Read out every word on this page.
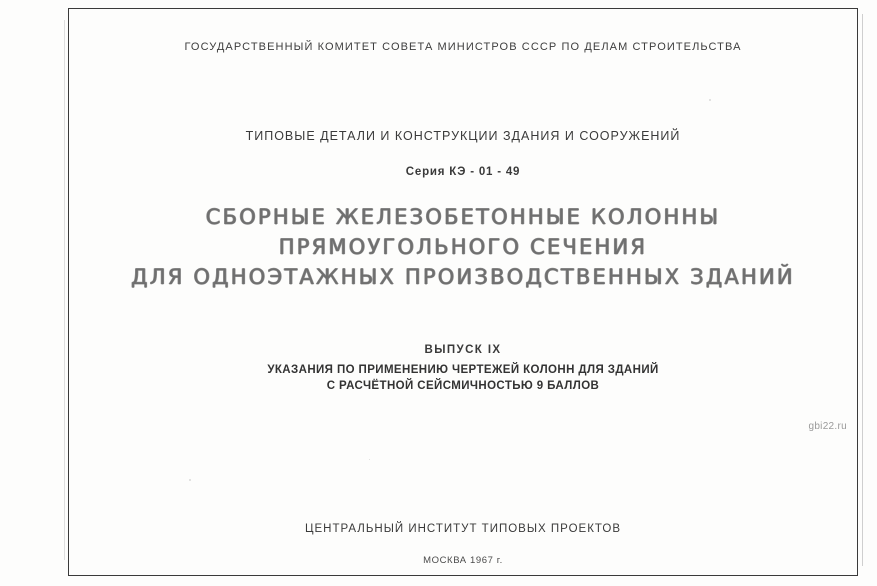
ГОСУДАРСТВЕННЫЙ КОМИТЕТ СОВЕТА МИНИСТРОВ СССР ПО ДЕЛАМ СТРОИТЕЛЬСТВА
ТИПОВЫЕ ДЕТАЛИ И КОНСТРУКЦИИ ЗДАНИЯ И СООРУЖЕНИЙ
Серия КЭ - 01 - 49
СБОРНЫЕ ЖЕЛЕЗОБЕТОННЫЕ КОЛОННЫ
ПРЯМОУГОЛЬНОГО СЕЧЕНИЯ
ДЛЯ ОДНОЭТАЖНЫХ ПРОИЗВОДСТВЕННЫХ ЗДАНИЙ
ВЫПУСК IX
УКАЗАНИЯ ПО ПРИМЕНЕНИЮ ЧЕРТЕЖЕЙ КОЛОНН ДЛЯ ЗДАНИЙ
С РАСЧЁТНОЙ СЕЙСМИЧНОСТЬЮ 9 БАЛЛОВ
gbi22.ru
ЦЕНТРАЛЬНЫЙ ИНСТИТУТ ТИПОВЫХ ПРОЕКТОВ
МОСКВА 1967 г.
